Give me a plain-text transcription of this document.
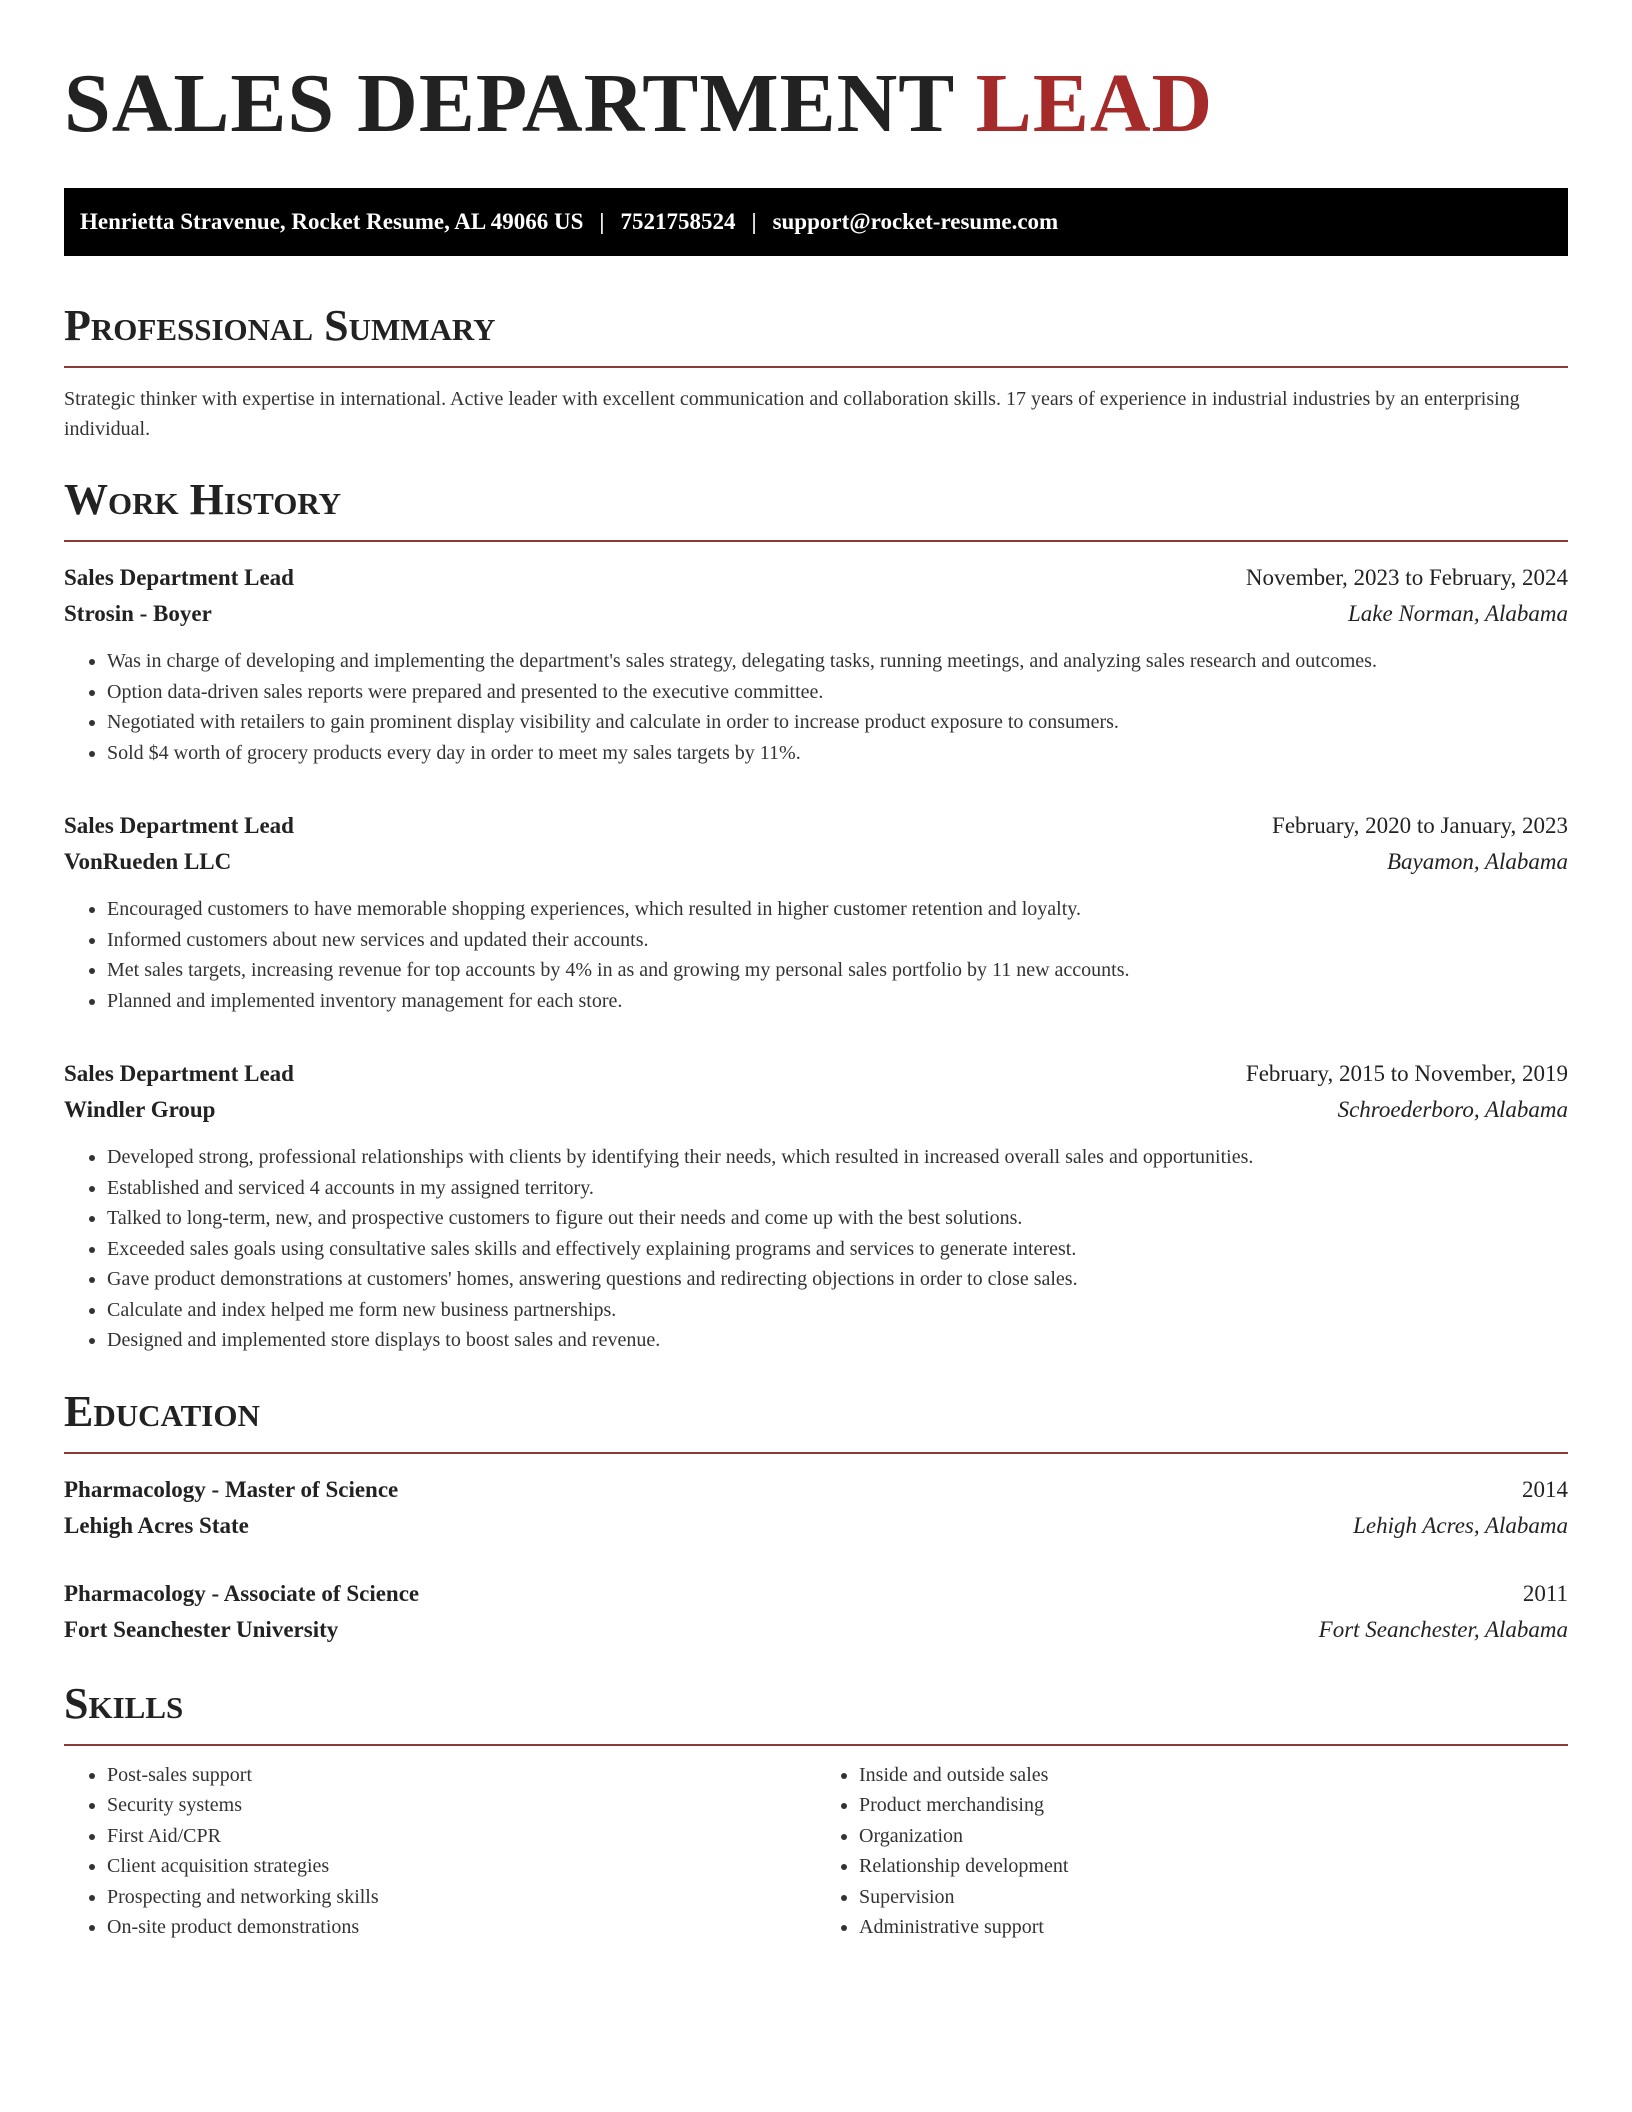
SALES DEPARTMENT LEAD
Henrietta Stravenue, Rocket Resume, AL 49066 US | 7521758524 | support@rocket-resume.com
Professional Summary

Strategic thinker with expertise in international. Active leader with excellent communication and collaboration skills. 17 years of experience in industrial industries by an enterprising individual.

Work History
Sales Department Lead	November, 2023 to February, 2024
Strosin - Boyer	Lake Norman, Alabama
• Was in charge of developing and implementing the department's sales strategy, delegating tasks, running meetings, and analyzing sales research and outcomes.
• Option data-driven sales reports were prepared and presented to the executive committee.
• Negotiated with retailers to gain prominent display visibility and calculate in order to increase product exposure to consumers.
• Sold $4 worth of grocery products every day in order to meet my sales targets by 11%.
Sales Department Lead	February, 2020 to January, 2023
VonRueden LLC	Bayamon, Alabama
• Encouraged customers to have memorable shopping experiences, which resulted in higher customer retention and loyalty.
• Informed customers about new services and updated their accounts.
• Met sales targets, increasing revenue for top accounts by 4% in as and growing my personal sales portfolio by 11 new accounts.
• Planned and implemented inventory management for each store.
Sales Department Lead	February, 2015 to November, 2019
Windler Group	Schroederboro, Alabama
• Developed strong, professional relationships with clients by identifying their needs, which resulted in increased overall sales and opportunities.
• Established and serviced 4 accounts in my assigned territory.
• Talked to long-term, new, and prospective customers to figure out their needs and come up with the best solutions.
• Exceeded sales goals using consultative sales skills and effectively explaining programs and services to generate interest.
• Gave product demonstrations at customers' homes, answering questions and redirecting objections in order to close sales.
• Calculate and index helped me form new business partnerships.
• Designed and implemented store displays to boost sales and revenue.
Education
Pharmacology - Master of Science	2014
Lehigh Acres State	Lehigh Acres, Alabama
Pharmacology - Associate of Science	2011
Fort Seanchester University	Fort Seanchester, Alabama
Skills
• Post-sales support
• Security systems
• First Aid/CPR
• Client acquisition strategies
• Prospecting and networking skills
• On-site product demonstrations
• Inside and outside sales
• Product merchandising
• Organization
• Relationship development
• Supervision
• Administrative support
